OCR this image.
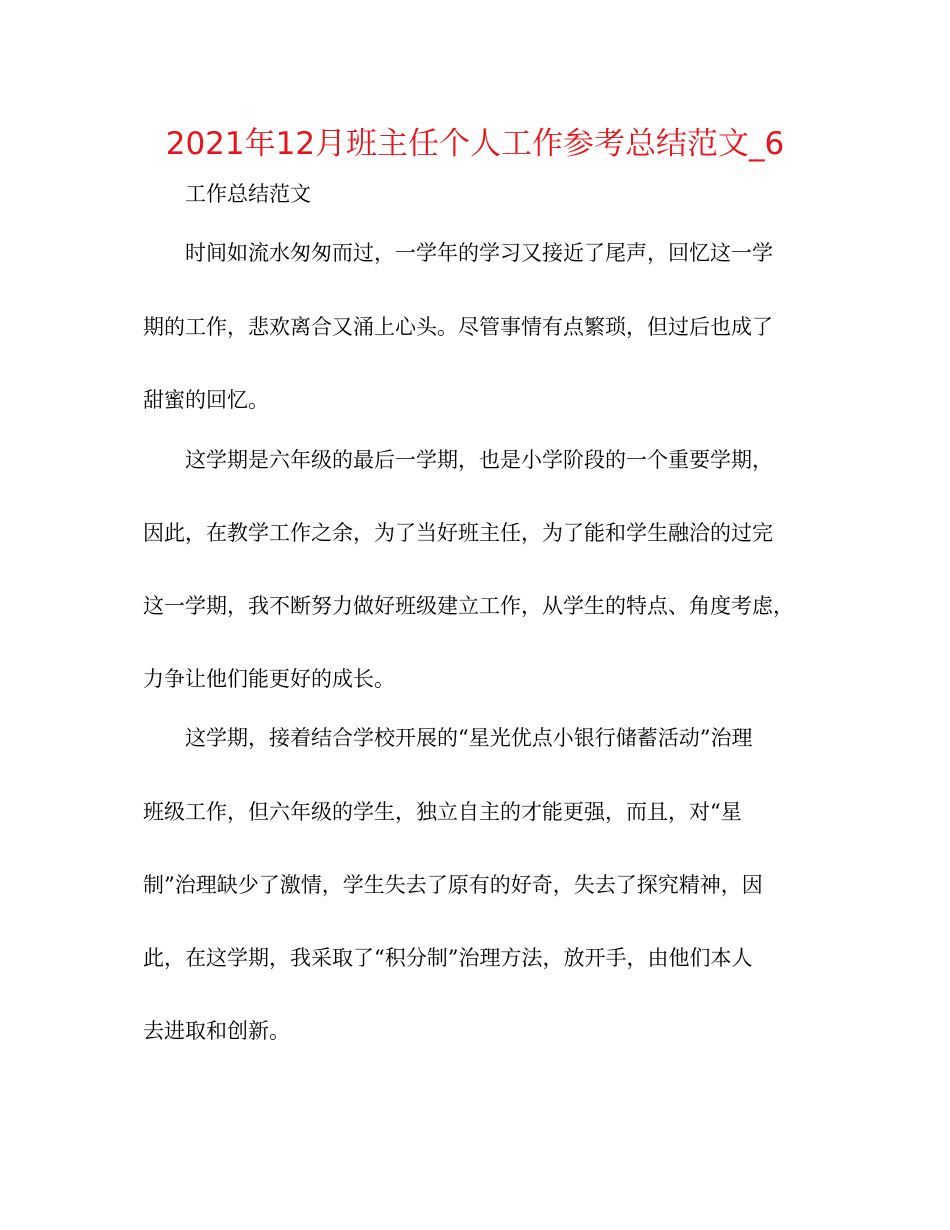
2021年12月班主任个人工作参考总结范文_6
工作总结范文
时间如流水匆匆而过，一学年的学习又接近了尾声，回忆这一学
期的工作，悲欢离合又涌上心头。尽管事情有点繁琐，但过后也成了
甜蜜的回忆。
这学期是六年级的最后一学期，也是小学阶段的一个重要学期，
因此，在教学工作之余，为了当好班主任，为了能和学生融洽的过完
这一学期，我不断努力做好班级建立工作，从学生的特点、角度考虑，
力争让他们能更好的成长。
这学期，接着结合学校开展的“星光优点小银行储蓄活动”治理
班级工作，但六年级的学生，独立自主的才能更强，而且，对“星
制”治理缺少了激情，学生失去了原有的好奇，失去了探究精神，因
此，在这学期，我采取了“积分制”治理方法，放开手，由他们本人
去进取和创新。
